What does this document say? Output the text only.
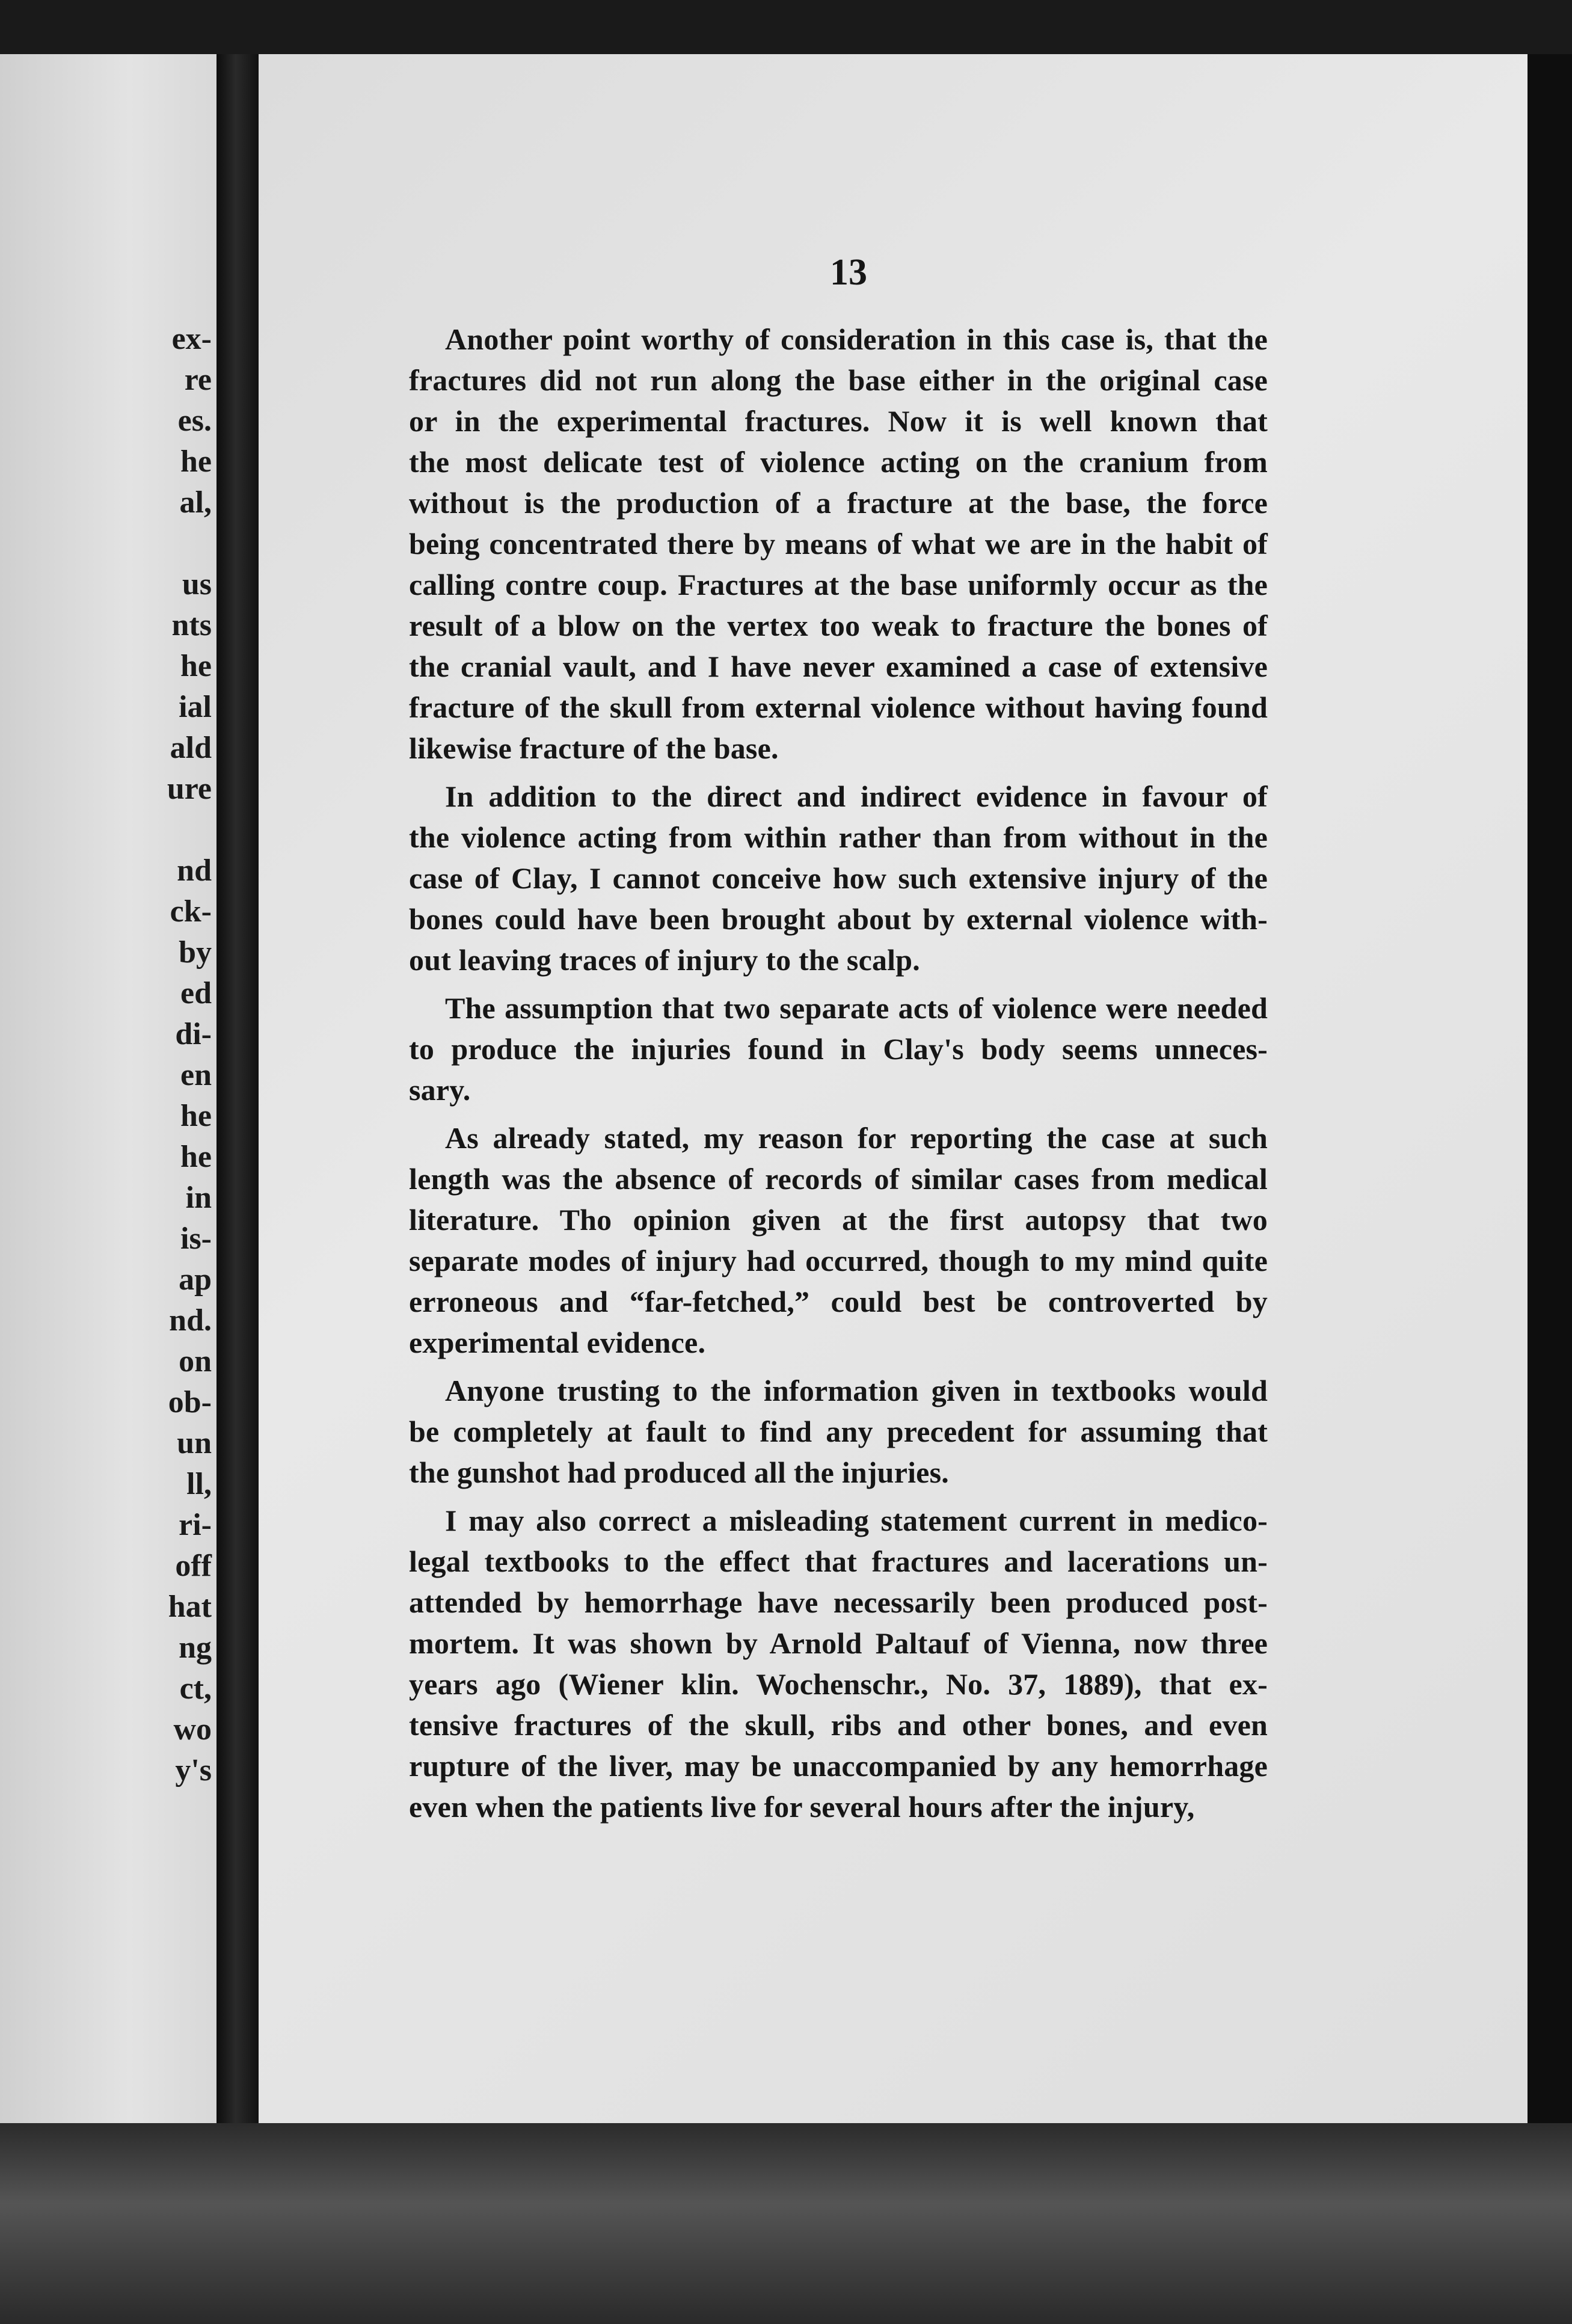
ex-
re
es.
he
al,
us
nts
he
ial
ald
ure
nd
ck-
by
ed
di-
en
he
he
in
is-
ap
nd.
on
ob-
un
ll,
ri-
off
hat
ng
ct,
wo
y's
13
Another point worthy of consideration in this case is, that the
fractures did not run along the base either in the original case
or in the experimental fractures. Now it is well known that
the most delicate test of violence acting on the cranium from
without is the production of a fracture at the base, the force
being concentrated there by means of what we are in the habit of
calling contre coup. Fractures at the base uniformly occur as the
result of a blow on the vertex too weak to fracture the bones of
the cranial vault, and I have never examined a case of extensive
fracture of the skull from external violence without having found
likewise fracture of the base.
In addition to the direct and indirect evidence in favour of
the violence acting from within rather than from without in the
case of Clay, I cannot conceive how such extensive injury of the
bones could have been brought about by external violence with-
out leaving traces of injury to the scalp.
The assumption that two separate acts of violence were needed
to produce the injuries found in Clay's body seems unneces-
sary.
As already stated, my reason for reporting the case at such
length was the absence of records of similar cases from medical
literature. Tho opinion given at the first autopsy that two
separate modes of injury had occurred, though to my mind quite
erroneous and “far-fetched,” could best be controverted by
experimental evidence.
Anyone trusting to the information given in textbooks would
be completely at fault to find any precedent for assuming that
the gunshot had produced all the injuries.
I may also correct a misleading statement current in medico-
legal textbooks to the effect that fractures and lacerations un-
attended by hemorrhage have necessarily been produced post-
mortem. It was shown by Arnold Paltauf of Vienna, now three
years ago (Wiener klin. Wochenschr., No. 37, 1889), that ex-
tensive fractures of the skull, ribs and other bones, and even
rupture of the liver, may be unaccompanied by any hemorrhage
even when the patients live for several hours after the injury,
